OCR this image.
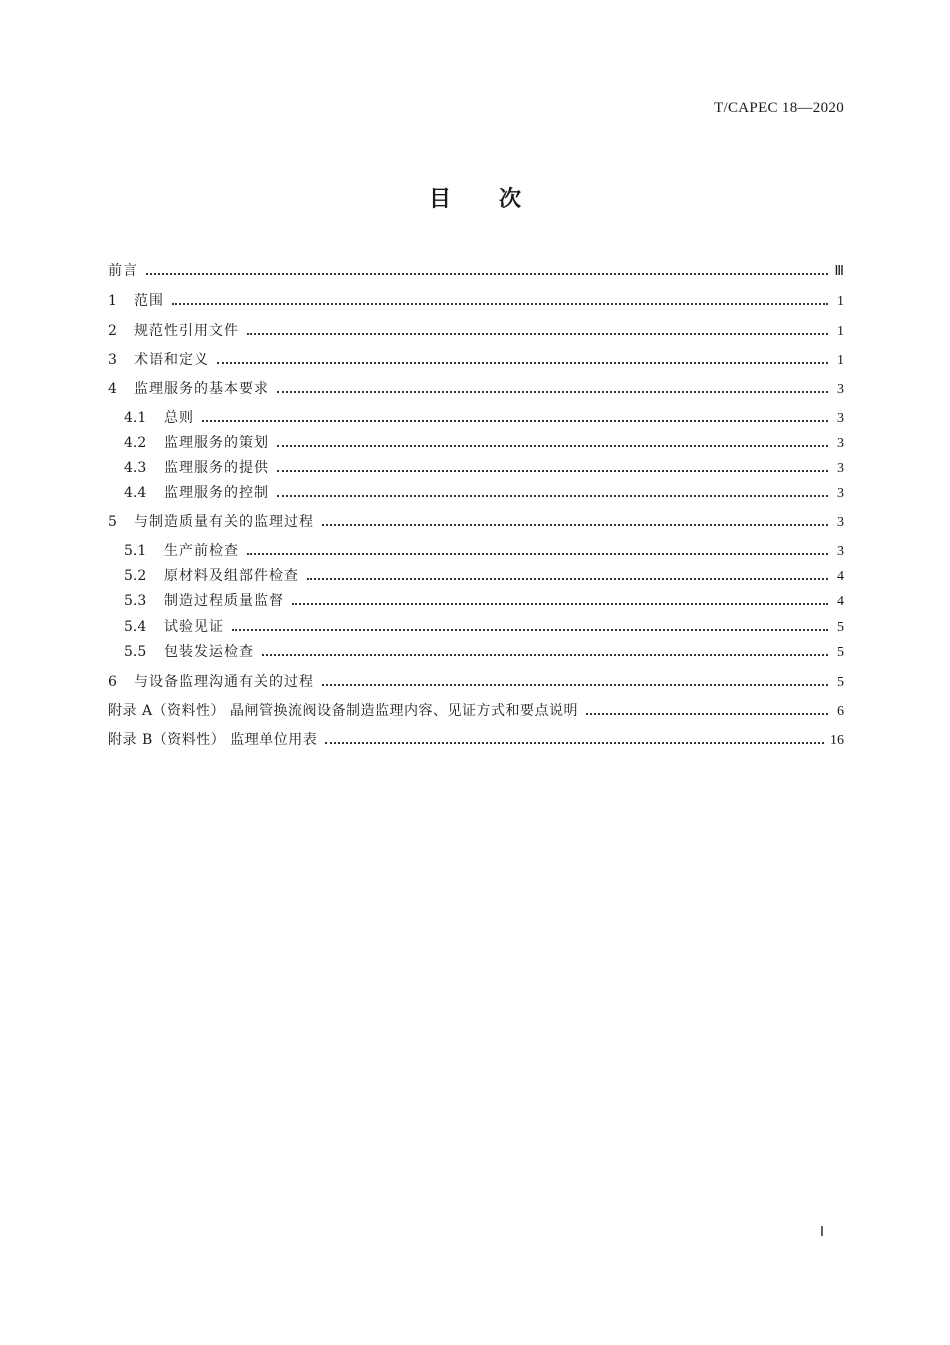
T/CAPEC 18—2020
目 次
前言	Ⅲ
1	范围	1
2	规范性引用文件	1
3	术语和定义	1
4	监理服务的基本要求	3
4.1	总则	3
4.2	监理服务的策划	3
4.3	监理服务的提供	3
4.4	监理服务的控制	3
5	与制造质量有关的监理过程	3
5.1	生产前检查	3
5.2	原材料及组部件检查	4
5.3	制造过程质量监督	4
5.4	试验见证	5
5.5	包装发运检查	5
6	与设备监理沟通有关的过程	5
附录 A（资料性） 晶闸管换流阀设备制造监理内容、见证方式和要点说明	6
附录 B（资料性） 监理单位用表	16
Ⅰ
